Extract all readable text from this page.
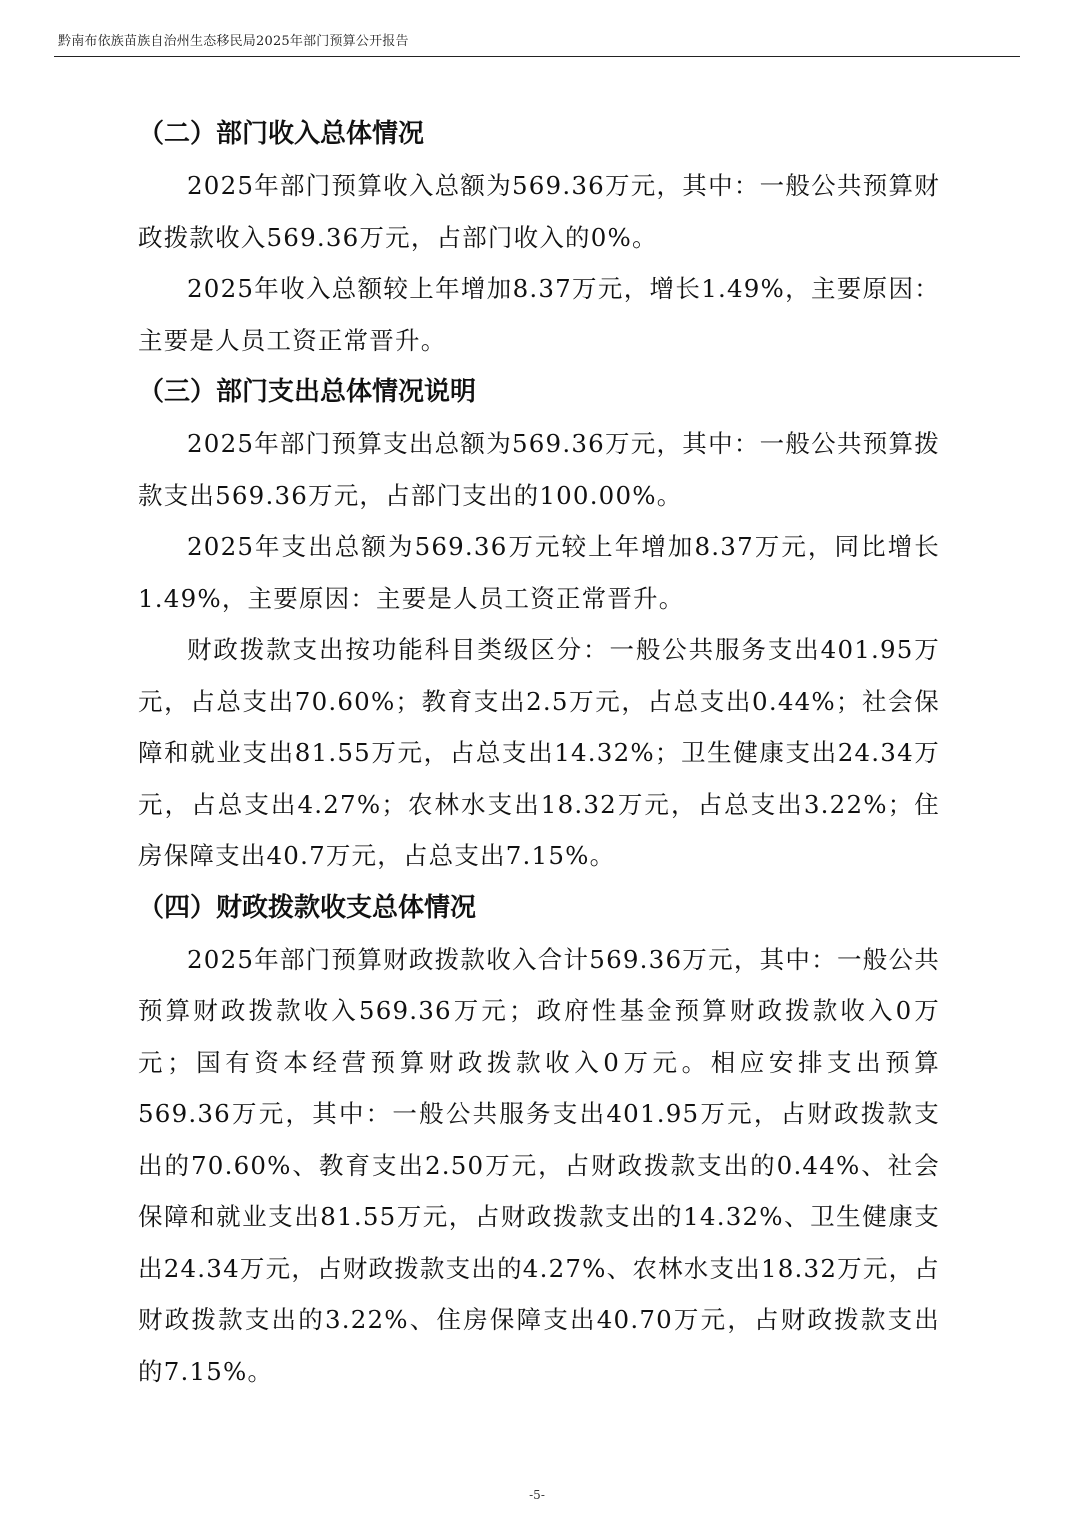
黔南布依族苗族自治州生态移民局2025年部门预算公开报告
（二）部门收入总体情况

2025年部门预算收入总额为569.36万元，其中：一般公共预算财政拨款收入569.36万元，占部门收入的0%。

2025年收入总额较上年增加8.37万元，增长1.49%，主要原因：主要是人员工资正常晋升。

（三）部门支出总体情况说明

2025年部门预算支出总额为569.36万元，其中：一般公共预算拨款支出569.36万元，占部门支出的100.00%。

2025年支出总额为569.36万元较上年增加8.37万元，同比增长1.49%，主要原因：主要是人员工资正常晋升。

财政拨款支出按功能科目类级区分：一般公共服务支出401.95万元，占总支出70.60%；教育支出2.5万元，占总支出0.44%；社会保障和就业支出81.55万元，占总支出14.32%；卫生健康支出24.34万元，占总支出4.27%；农林水支出18.32万元，占总支出3.22%；住房保障支出40.7万元，占总支出7.15%。

（四）财政拨款收支总体情况

2025年部门预算财政拨款收入合计569.36万元，其中：一般公共预算财政拨款收入569.36万元；政府性基金预算财政拨款收入0万元；国有资本经营预算财政拨款收入0万元。相应安排支出预算569.36万元，其中：一般公共服务支出401.95万元，占财政拨款支出的70.60%、教育支出2.50万元，占财政拨款支出的0.44%、社会保障和就业支出81.55万元，占财政拨款支出的14.32%、卫生健康支出24.34万元，占财政拨款支出的4.27%、农林水支出18.32万元，占财政拨款支出的3.22%、住房保障支出40.70万元，占财政拨款支出的7.15%。

-5-
